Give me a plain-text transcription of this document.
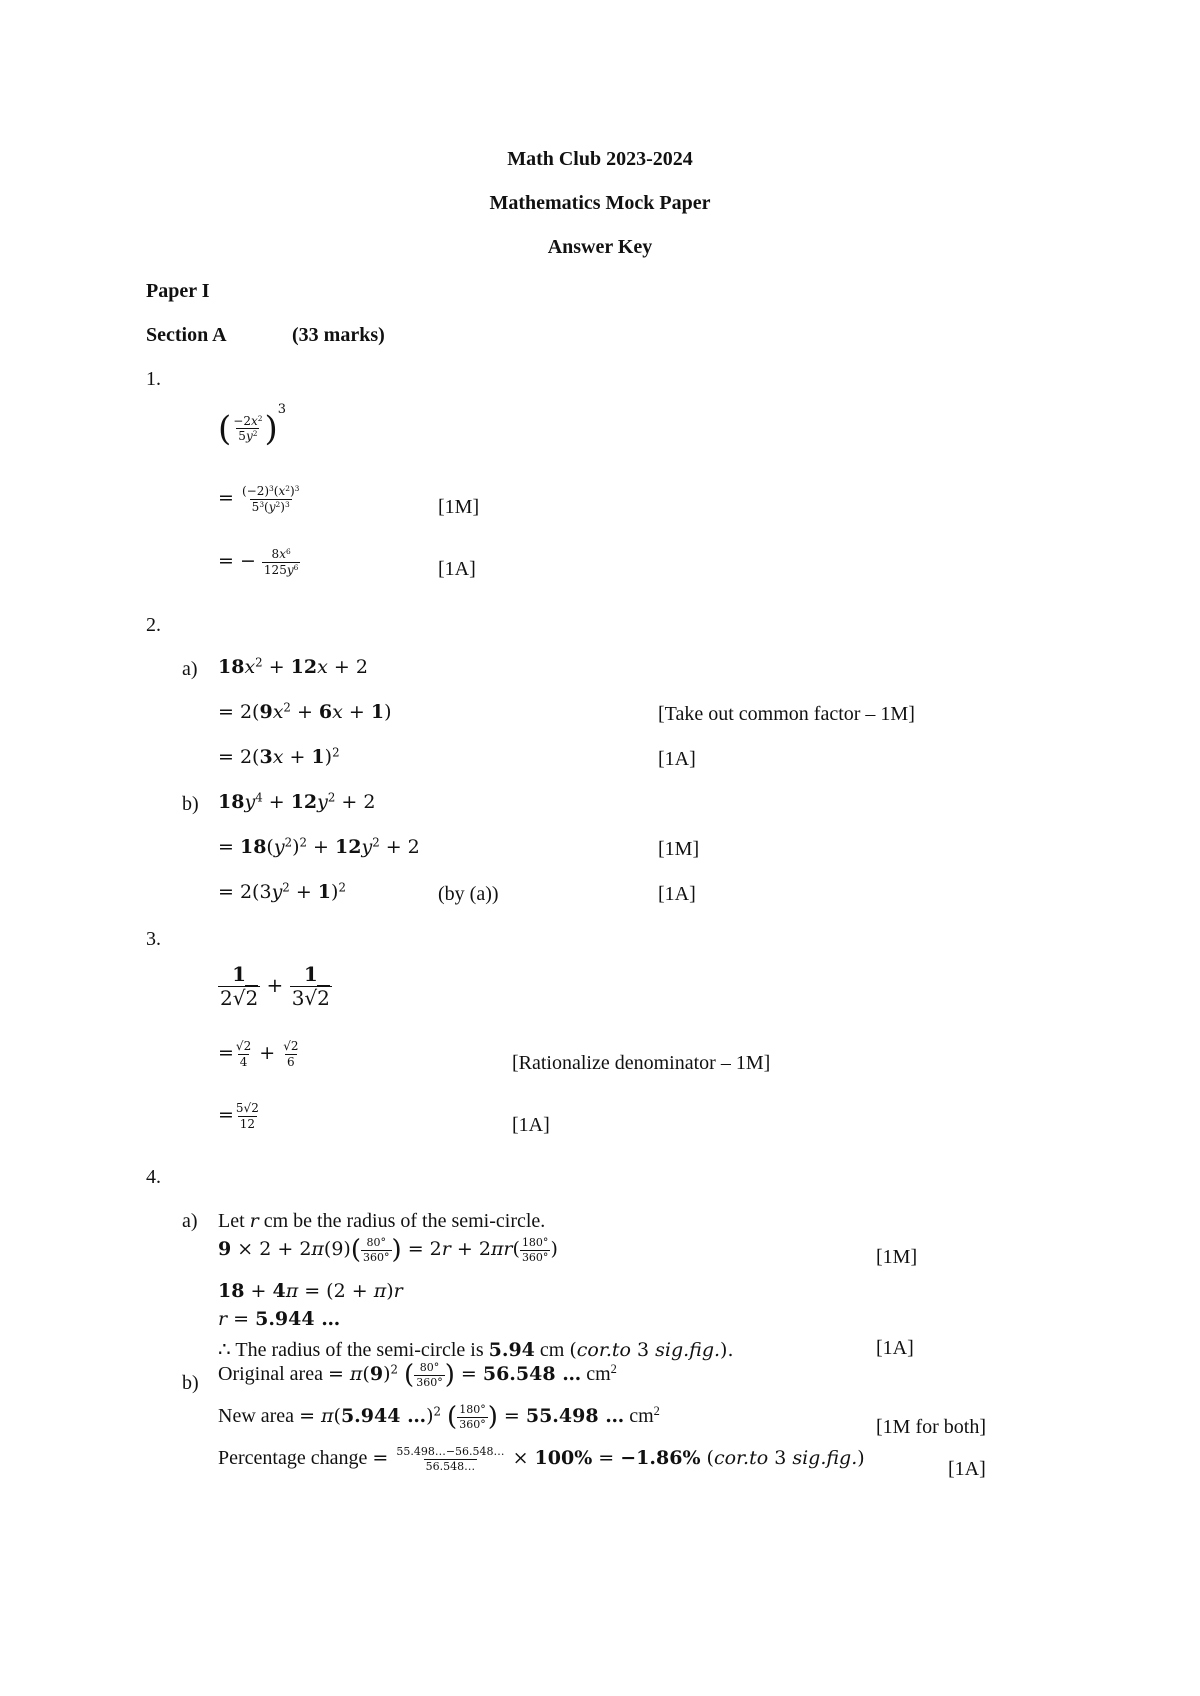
Math Club 2023-2024
Mathematics Mock Paper
Answer Key
Paper I
Section A	(33 marks)
1.
( $\frac{-2x^2}{5y^2} )^3$
= $\frac{(-2)^3(x^2)^3}{5^3(y^2)^3}$	[1M]
= − $\frac{8x^6}{125y^6}$	[1A]
2.
a) $18x^2 + 12x + 2$
= $2(9x^2 + 6x + 1)$	[Take out common factor – 1M]
= $2(3x + 1)^2$	[1A]
b) $18y^4 + 12y^2 + 2$
= $18(y^2)^2 + 12y^2 + 2$	[1M]
= $2(3y^2 + 1)^2$	(by (a))	[1A]
3.
$\frac{1}{2√2} + \frac{1}{3√2}$
= $\frac{√2}{4} + \frac{√2}{6}$	[Rationalize denominator – 1M]
= $\frac{5√2}{12}$	[1A]
4.
a) Let r cm be the radius of the semi-circle.
$9 \times 2 + 2\pi(9)( \frac{80^\circ}{360^\circ}$ ) = $2r + 2\pi r( \frac{180^\circ}{360^\circ}$ )	[1M]
18 + 4π = (2 + π)r
r = 5.944 …
∴ The radius of the semi-circle is 5.94 cm (cor.to 3 sig.fig.).	[1A]
b) Original area = $\pi(9)^2$ ( $\frac{80^\circ}{360^\circ}$ ) = 56.548 … $cm^2$
New area = π(5.944 …)$^2$ ( $\frac{180^\circ}{360^\circ}$ ) = 55.498 … $cm^2$
[1M for both]
Percentage change = $\frac{55.498\dots-56.548\dots}{56.548\dots} \times 100\% = -1.86\%$ (cor.to 3 sig.fig.)	[1A]
